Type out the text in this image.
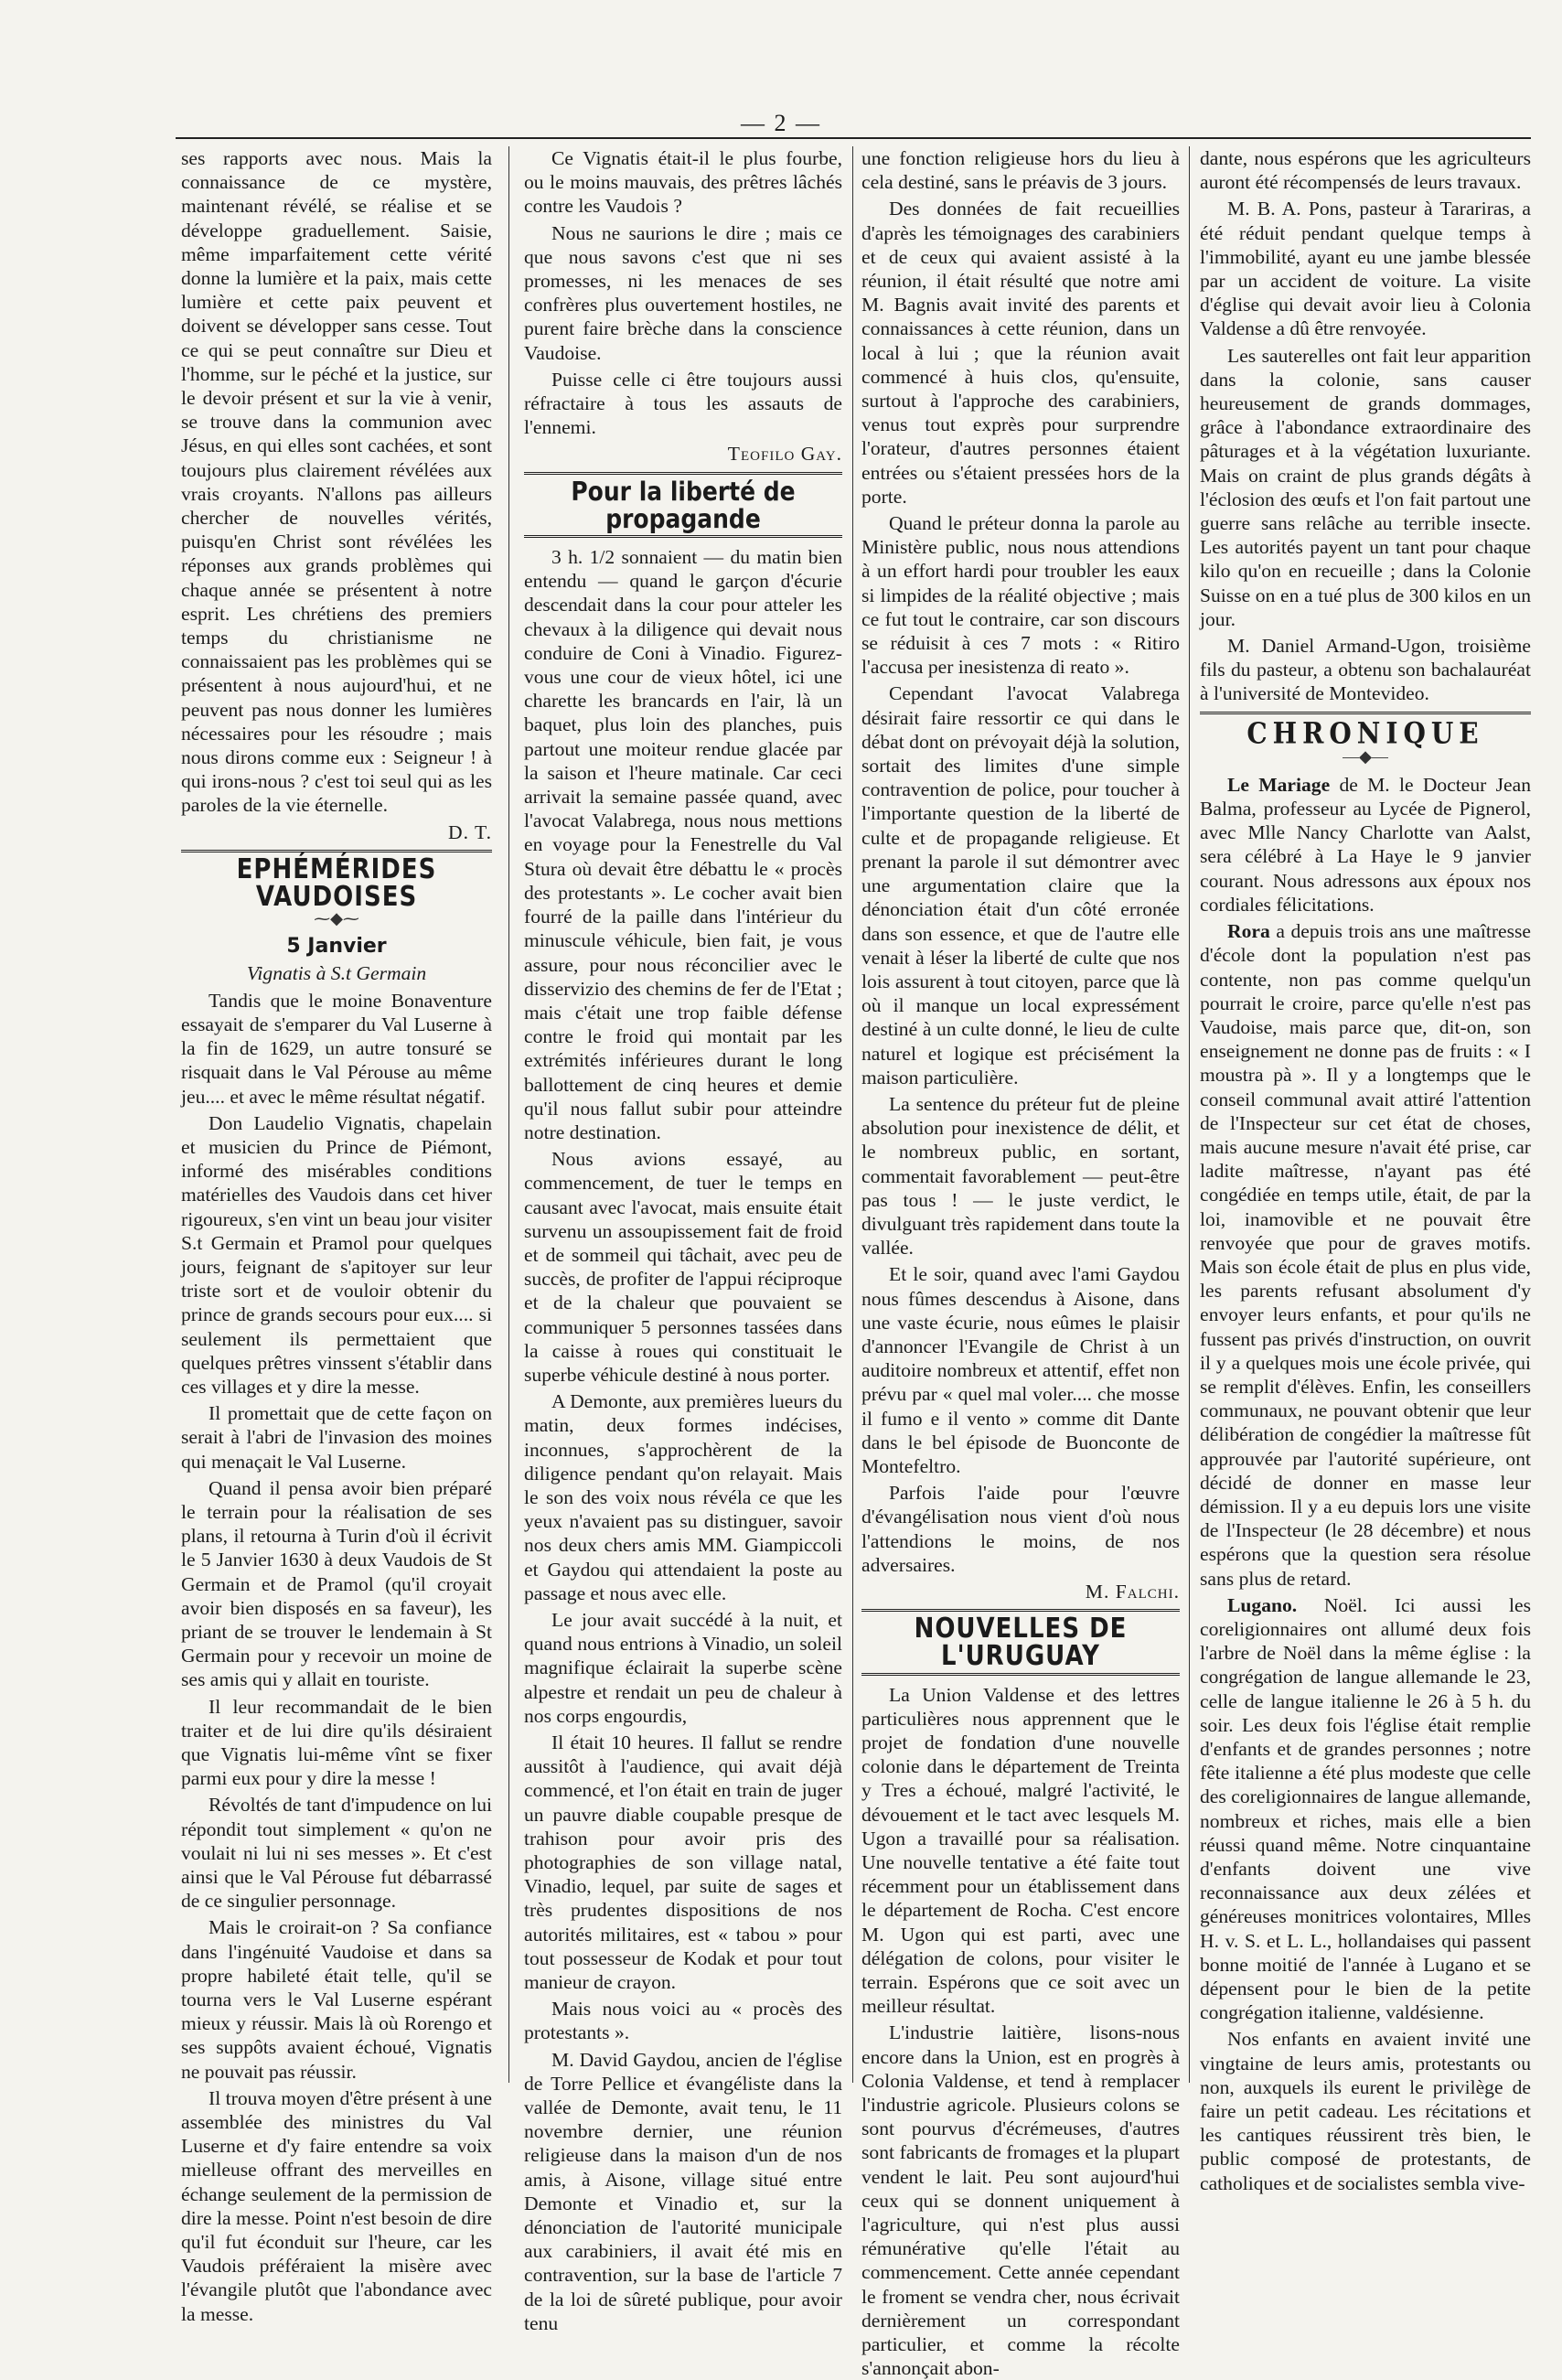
— 2 —

ses rapports avec nous. Mais la connaissance de ce mystère, maintenant révélé, se réalise et se développe graduellement. Saisie, même imparfaitement cette vérité donne la lumière et la paix, mais cette lumière et cette paix peuvent et doivent se développer sans cesse. Tout ce qui se peut connaître sur Dieu et l'homme, sur le péché et la justice, sur le devoir présent et sur la vie à venir, se trouve dans la communion avec Jésus, en qui elles sont cachées, et sont toujours plus clairement révélées aux vrais croyants. N'allons pas ailleurs chercher de nouvelles vérités, puisqu'en Christ sont révélées les réponses aux grands problèmes qui chaque année se présentent à notre esprit. Les chrétiens des premiers temps du christianisme ne connaissaient pas les problèmes qui se présentent à nous aujourd'hui, et ne peuvent pas nous donner les lumières nécessaires pour les résoudre ; mais nous dirons comme eux : Seigneur ! à qui irons-nous ? c'est toi seul qui as les paroles de la vie éternelle.

D. T.
EPHÉMÉRIDES VAUDOISES
⁓◆⁓
5 Janvier
Vignatis à S.t Germain

Tandis que le moine Bonaventure essayait de s'emparer du Val Luserne à la fin de 1629, un autre tonsuré se risquait dans le Val Pérouse au même jeu.... et avec le même résultat négatif.

Don Laudelio Vignatis, chapelain et musicien du Prince de Piémont, informé des misérables conditions matérielles des Vaudois dans cet hiver rigoureux, s'en vint un beau jour visiter S.t Germain et Pramol pour quelques jours, feignant de s'apitoyer sur leur triste sort et de vouloir obtenir du prince de grands secours pour eux.... si seulement ils permettaient que quelques prêtres vinssent s'établir dans ces villages et y dire la messe.

Il promettait que de cette façon on serait à l'abri de l'invasion des moines qui menaçait le Val Luserne.

Quand il pensa avoir bien préparé le terrain pour la réalisation de ses plans, il retourna à Turin d'où il écrivit le 5 Janvier 1630 à deux Vaudois de St Germain et de Pramol (qu'il croyait avoir bien disposés en sa faveur), les priant de se trouver le lendemain à St Germain pour y recevoir un moine de ses amis qui y allait en touriste.

Il leur recommandait de le bien traiter et de lui dire qu'ils désiraient que Vignatis lui-même vînt se fixer parmi eux pour y dire la messe !

Révoltés de tant d'impudence on lui répondit tout simplement « qu'on ne voulait ni lui ni ses messes ». Et c'est ainsi que le Val Pérouse fut débarrassé de ce singulier personnage.

Mais le croirait-on ? Sa confiance dans l'ingénuité Vaudoise et dans sa propre habileté était telle, qu'il se tourna vers le Val Luserne espérant mieux y réussir. Mais là où Rorengo et ses suppôts avaient échoué, Vignatis ne pouvait pas réussir.

Il trouva moyen d'être présent à une assemblée des ministres du Val Luserne et d'y faire entendre sa voix mielleuse offrant des merveilles en échange seulement de la permission de dire la messe. Point n'est besoin de dire qu'il fut éconduit sur l'heure, car les Vaudois préféraient la misère avec l'évangile plutôt que l'abondance avec la messe.

Ce Vignatis était-il le plus fourbe, ou le moins mauvais, des prêtres lâchés contre les Vaudois ?

Nous ne saurions le dire ; mais ce que nous savons c'est que ni ses promesses, ni les menaces de ses confrères plus ouvertement hostiles, ne purent faire brèche dans la conscience Vaudoise.

Puisse celle ci être toujours aussi réfractaire à tous les assauts de l'ennemi.

Teofilo Gay.
Pour la liberté de propagande

3 h. 1/2 sonnaient — du matin bien entendu — quand le garçon d'écurie descendait dans la cour pour atteler les chevaux à la diligence qui devait nous conduire de Coni à Vinadio. Figurez-vous une cour de vieux hôtel, ici une charette les brancards en l'air, là un baquet, plus loin des planches, puis partout une moiteur rendue glacée par la saison et l'heure matinale. Car ceci arrivait la semaine passée quand, avec l'avocat Valabrega, nous nous mettions en voyage pour la Fenestrelle du Val Stura où devait être débattu le « procès des protestants ». Le cocher avait bien fourré de la paille dans l'intérieur du minuscule véhicule, bien fait, je vous assure, pour nous réconcilier avec le disservizio des chemins de fer de l'Etat ; mais c'était une trop faible défense contre le froid qui montait par les extrémités inférieures durant le long ballottement de cinq heures et demie qu'il nous fallut subir pour atteindre notre destination.

Nous avions essayé, au commencement, de tuer le temps en causant avec l'avocat, mais ensuite était survenu un assoupissement fait de froid et de sommeil qui tâchait, avec peu de succès, de profiter de l'appui réciproque et de la chaleur que pouvaient se communiquer 5 personnes tassées dans la caisse à roues qui constituait le superbe véhicule destiné à nous porter.

A Demonte, aux premières lueurs du matin, deux formes indécises, inconnues, s'approchèrent de la diligence pendant qu'on relayait. Mais le son des voix nous révéla ce que les yeux n'avaient pas su distinguer, savoir nos deux chers amis MM. Giampiccoli et Gaydou qui attendaient la poste au passage et nous avec elle.

Le jour avait succédé à la nuit, et quand nous entrions à Vinadio, un soleil magnifique éclairait la superbe scène alpestre et rendait un peu de chaleur à nos corps engourdis,

Il était 10 heures. Il fallut se rendre aussitôt à l'audience, qui avait déjà commencé, et l'on était en train de juger un pauvre diable coupable presque de trahison pour avoir pris des photographies de son village natal, Vinadio, lequel, par suite de sages et très prudentes dispositions de nos autorités militaires, est « tabou » pour tout possesseur de Kodak et pour tout manieur de crayon.

Mais nous voici au « procès des protestants ».

M. David Gaydou, ancien de l'église de Torre Pellice et évangéliste dans la vallée de Demonte, avait tenu, le 11 novembre dernier, une réunion religieuse dans la maison d'un de nos amis, à Aisone, village situé entre Demonte et Vinadio et, sur la dénonciation de l'autorité municipale aux carabiniers, il avait été mis en contravention, sur la base de l'article 7 de la loi de sûreté publique, pour avoir tenu

une fonction religieuse hors du lieu à cela destiné, sans le préavis de 3 jours.

Des données de fait recueillies d'après les témoignages des carabiniers et de ceux qui avaient assisté à la réunion, il était résulté que notre ami M. Bagnis avait invité des parents et connaissances à cette réunion, dans un local à lui ; que la réunion avait commencé à huis clos, qu'ensuite, surtout à l'approche des carabiniers, venus tout exprès pour surprendre l'orateur, d'autres personnes étaient entrées ou s'étaient pressées hors de la porte.

Quand le préteur donna la parole au Ministère public, nous nous attendions à un effort hardi pour troubler les eaux si limpides de la réalité objective ; mais ce fut tout le contraire, car son discours se réduisit à ces 7 mots : « Ritiro l'accusa per inesistenza di reato ».

Cependant l'avocat Valabrega désirait faire ressortir ce qui dans le débat dont on prévoyait déjà la solution, sortait des limites d'une simple contravention de police, pour toucher à l'importante question de la liberté de culte et de propagande religieuse. Et prenant la parole il sut démontrer avec une argumentation claire que la dénonciation était d'un côté erronée dans son essence, et que de l'autre elle venait à léser la liberté de culte que nos lois assurent à tout citoyen, parce que là où il manque un local expressément destiné à un culte donné, le lieu de culte naturel et logique est précisément la maison particulière.

La sentence du préteur fut de pleine absolution pour inexistence de délit, et le nombreux public, en sortant, commentait favorablement — peut-être pas tous ! — le juste verdict, le divulguant très rapidement dans toute la vallée.

Et le soir, quand avec l'ami Gaydou nous fûmes descendus à Aisone, dans une vaste écurie, nous eûmes le plaisir d'annoncer l'Evangile de Christ à un auditoire nombreux et attentif, effet non prévu par « quel mal voler.... che mosse il fumo e il vento » comme dit Dante dans le bel épisode de Buonconte de Montefeltro.

Parfois l'aide pour l'œuvre d'évangélisation nous vient d'où nous l'attendions le moins, de nos adversaires.

M. Falchi.
NOUVELLES DE L'URUGUAY

La Union Valdense et des lettres particulières nous apprennent que le projet de fondation d'une nouvelle colonie dans le département de Treinta y Tres a échoué, malgré l'activité, le dévouement et le tact avec lesquels M. Ugon a travaillé pour sa réalisation. Une nouvelle tentative a été faite tout récemment pour un établissement dans le département de Rocha. C'est encore M. Ugon qui est parti, avec une délégation de colons, pour visiter le terrain. Espérons que ce soit avec un meilleur résultat.

L'industrie laitière, lisons-nous encore dans la Union, est en progrès à Colonia Valdense, et tend à remplacer l'industrie agricole. Plusieurs colons se sont pourvus d'écrémeuses, d'autres sont fabricants de fromages et la plupart vendent le lait. Peu sont aujourd'hui ceux qui se donnent uniquement à l'agriculture, qui n'est plus aussi rémunérative qu'elle l'était au commencement. Cette année cependant le froment se vendra cher, nous écrivait dernièrement un correspondant particulier, et comme la récolte s'annonçait abon-

dante, nous espérons que les agriculteurs auront été récompensés de leurs travaux.

M. B. A. Pons, pasteur à Tarariras, a été réduit pendant quelque temps à l'immobilité, ayant eu une jambe blessée par un accident de voiture. La visite d'église qui devait avoir lieu à Colonia Valdense a dû être renvoyée.

Les sauterelles ont fait leur apparition dans la colonie, sans causer heureusement de grands dommages, grâce à l'abondance extraordinaire des pâturages et à la végétation luxuriante. Mais on craint de plus grands dégâts à l'éclosion des œufs et l'on fait partout une guerre sans relâche au terrible insecte. Les autorités payent un tant pour chaque kilo qu'on en recueille ; dans la Colonie Suisse on en a tué plus de 300 kilos en un jour.

M. Daniel Armand-Ugon, troisième fils du pasteur, a obtenu son bachalauréat à l'université de Montevideo.

CHRONIQUE
—◆—

Le Mariage de M. le Docteur Jean Balma, professeur au Lycée de Pignerol, avec Mlle Nancy Charlotte van Aalst, sera célébré à La Haye le 9 janvier courant. Nous adressons aux époux nos cordiales félicitations.

Rora a depuis trois ans une maîtresse d'école dont la population n'est pas contente, non pas comme quelqu'un pourrait le croire, parce qu'elle n'est pas Vaudoise, mais parce que, dit-on, son enseignement ne donne pas de fruits : « I moustra pà ». Il y a longtemps que le conseil communal avait attiré l'attention de l'Inspecteur sur cet état de choses, mais aucune mesure n'avait été prise, car ladite maîtresse, n'ayant pas été congédiée en temps utile, était, de par la loi, inamovible et ne pouvait être renvoyée que pour de graves motifs. Mais son école était de plus en plus vide, les parents refusant absolument d'y envoyer leurs enfants, et pour qu'ils ne fussent pas privés d'instruction, on ouvrit il y a quelques mois une école privée, qui se remplit d'élèves. Enfin, les conseillers communaux, ne pouvant obtenir que leur délibération de congédier la maîtresse fût approuvée par l'autorité supérieure, ont décidé de donner en masse leur démission. Il y a eu depuis lors une visite de l'Inspecteur (le 28 décembre) et nous espérons que la question sera résolue sans plus de retard.

Lugano. Noël. Ici aussi les coreligionnaires ont allumé deux fois l'arbre de Noël dans la même église : la congrégation de langue allemande le 23, celle de langue italienne le 26 à 5 h. du soir. Les deux fois l'église était remplie d'enfants et de grandes personnes ; notre fête italienne a été plus modeste que celle des coreligionnaires de langue allemande, nombreux et riches, mais elle a bien réussi quand même. Notre cinquantaine d'enfants doivent une vive reconnaissance aux deux zélées et généreuses monitrices volontaires, Mlles H. v. S. et L. L., hollandaises qui passent bonne moitié de l'année à Lugano et se dépensent pour le bien de la petite congrégation italienne, valdésienne.

Nos enfants en avaient invité une vingtaine de leurs amis, protestants ou non, auxquels ils eurent le privilège de faire un petit cadeau. Les récitations et les cantiques réussirent très bien, le public composé de protestants, de catholiques et de socialistes sembla vive-
